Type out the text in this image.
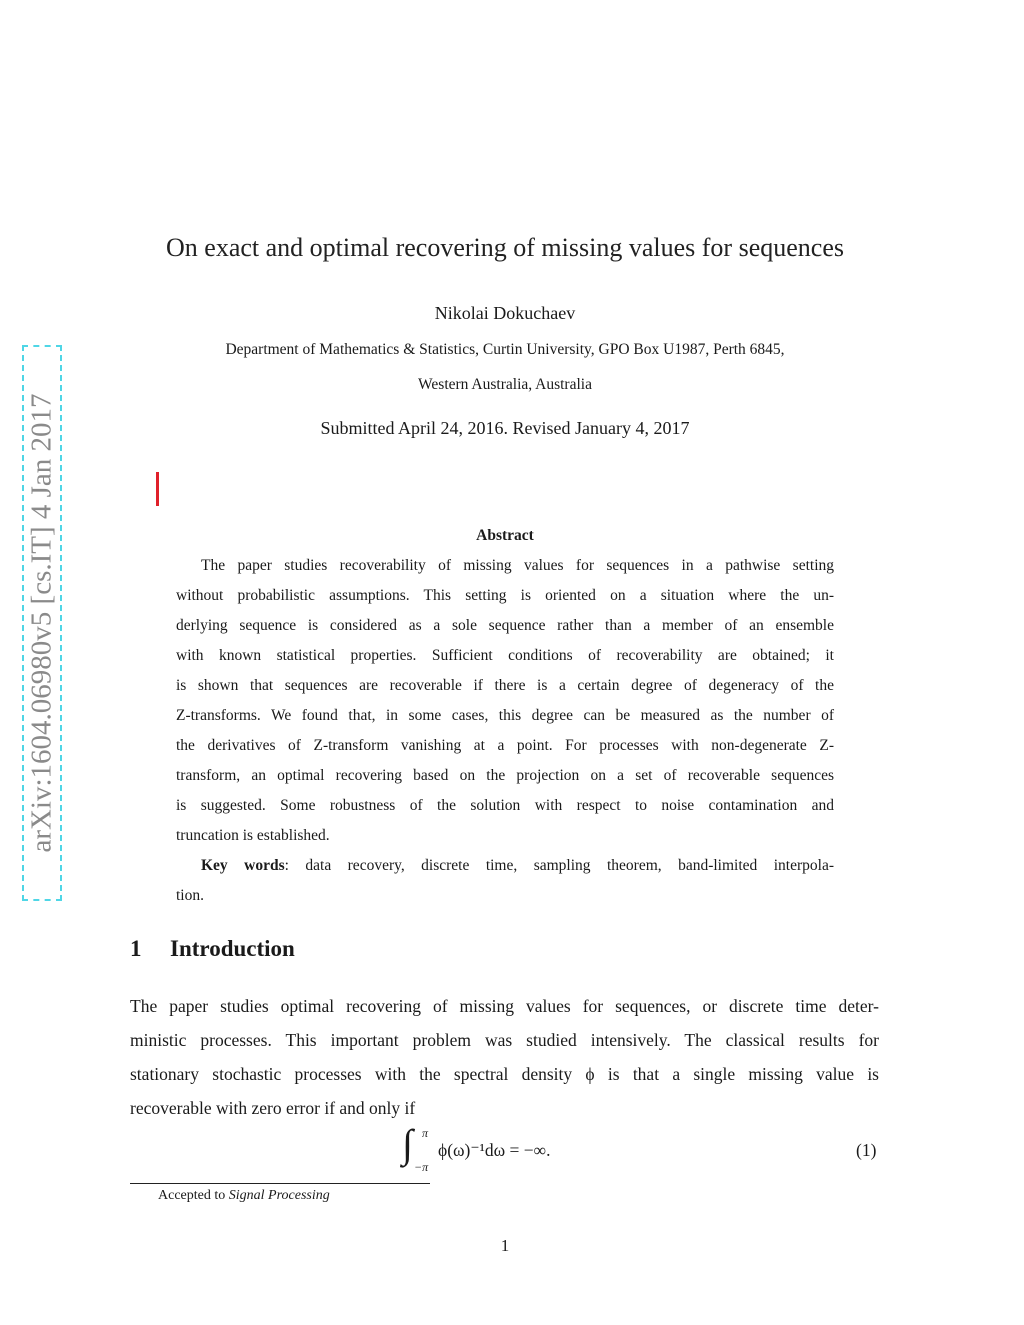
arXiv:1604.06980v5 [cs.IT] 4 Jan 2017
On exact and optimal recovering of missing values for sequences
Nikolai Dokuchaev
Department of Mathematics & Statistics, Curtin University, GPO Box U1987, Perth 6845,
Western Australia, Australia
Submitted April 24, 2016. Revised January 4, 2017
Abstract
The paper studies recoverability of missing values for sequences in a pathwise setting
without probabilistic assumptions. This setting is oriented on a situation where the un-
derlying sequence is considered as a sole sequence rather than a member of an ensemble
with known statistical properties. Sufficient conditions of recoverability are obtained; it
is shown that sequences are recoverable if there is a certain degree of degeneracy of the
Z-transforms. We found that, in some cases, this degree can be measured as the number of
the derivatives of Z-transform vanishing at a point. For processes with non-degenerate Z-
transform, an optimal recovering based on the projection on a set of recoverable sequences
is suggested. Some robustness of the solution with respect to noise contamination and
truncation is established.
Key words: data recovery, discrete time, sampling theorem, band-limited interpola-
tion.
1 Introduction
The paper studies optimal recovering of missing values for sequences, or discrete time deter-
ministic processes. This important problem was studied intensively. The classical results for
stationary stochastic processes with the spectral density ϕ is that a single missing value is
recoverable with zero error if and only if
∫ π
−π
ϕ(ω)⁻¹dω = −∞.	(1)
Accepted to Signal Processing
1
